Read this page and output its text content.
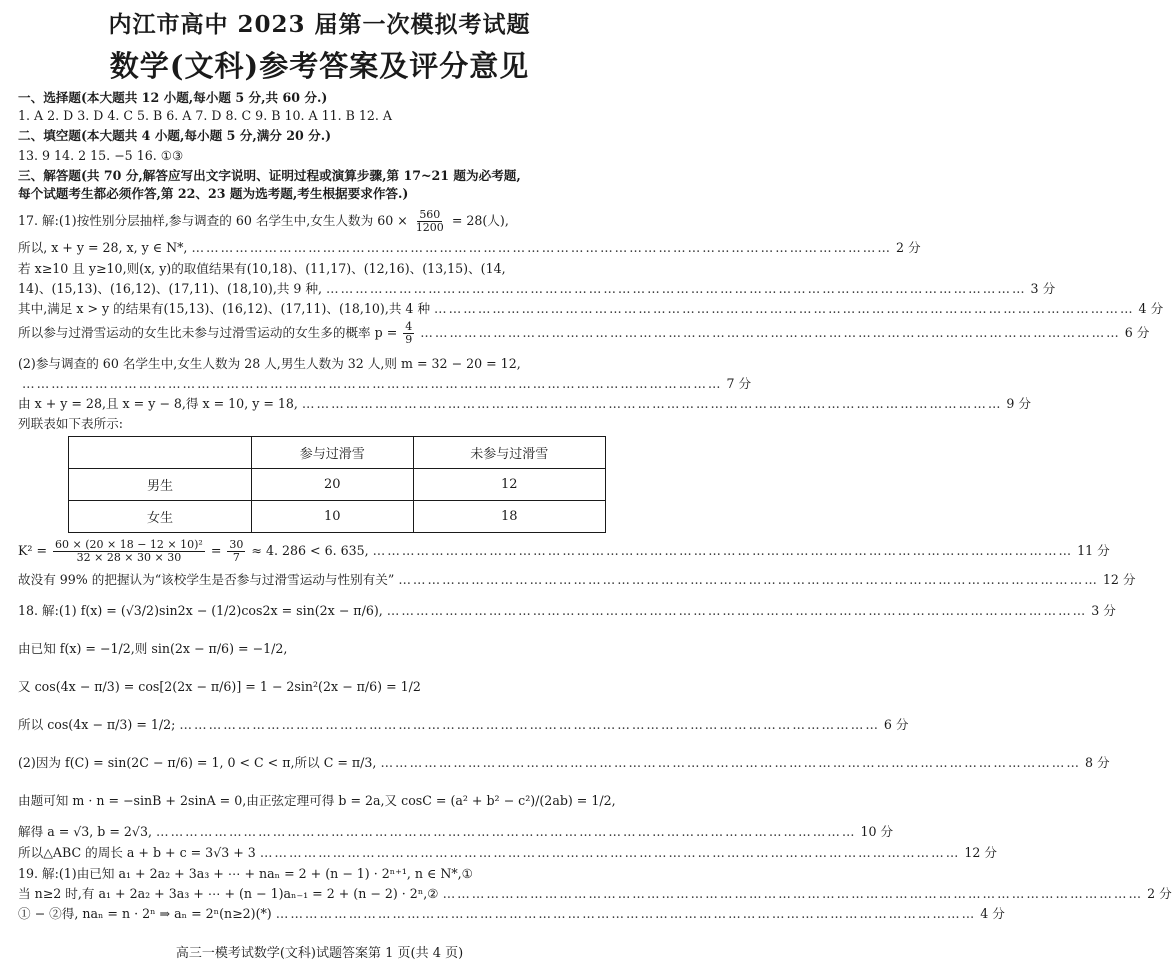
内江市高中 2023 届第一次模拟考试题
数学(文科)参考答案及评分意见
一、选择题(本大题共 12 小题,每小题 5 分,共 60 分.)
1. A 2. D 3. D 4. C 5. B 6. A 7. D 8. C 9. B 10. A 11. B 12. A
二、填空题(本大题共 4 小题,每小题 5 分,满分 20 分.)
13. 9 14. 2 15. −5 16. ①③
三、解答题(共 70 分,解答应写出文字说明、证明过程或演算步骤,第 17~21 题为必考题,
每个试题考生都必须作答,第 22、23 题为选考题,考生根据要求作答.)
17. 解:(1)按性别分层抽样,参与调查的 60 名学生中,女生人数为 $60 \times \frac{560}{1200} = 28$(人),
所以, x + y = 28, x, y ∈ N*, ……………………………………………………………………………………………………………………………… 2 分
若 x≥10 且 y≥10,则(x, y)的取值结果有(10,18)、(11,17)、(12,16)、(13,15)、(14,
14)、(15,13)、(16,12)、(17,11)、(18,10),共 9 种, ……………………………………………………………………………………………………………………………… 3 分
其中,满足 x > y 的结果有(15,13)、(16,12)、(17,11)、(18,10),共 4 种 ……………………………………………………………………………………………………………………………… 4 分
所以参与过滑雪运动的女生比未参与过滑雪运动的女生多的概率 $p = \frac{4}{9}$ ……………………………………………………………………………………………………………………………… 6 分
(2)参与调查的 60 名学生中,女生人数为 28 人,男生人数为 32 人,则 m = 32 − 20 = 12,
……………………………………………………………………………………………………………………………… 7 分
由 x + y = 28,且 x = y − 8,得 x = 10, y = 18, ……………………………………………………………………………………………………………………………… 9 分
列联表如下表所示:
	参与过滑雪	未参与过滑雪
男生	20	12
女生	10	18
$K^2 = \frac{\text{60 × (20 × 18 − 12 × 10)²}}{32 \times 28 \times 30 \times 30} = \frac{30}{7} \approx 4$. 286 < 6. 635, ……………………………………………………………………………………………………………………………… 11 分
故没有 99% 的把握认为“该校学生是否参与过滑雪运动与性别有关” ……………………………………………………………………………………………………………………………… 12 分
18. 解:(1) f(x) = (√3/2)sin2x − (1/2)cos2x = sin(2x − π/6), ……………………………………………………………………………………………………………………………… 3 分
由已知 f(x) = −1/2,则 sin(2x − π/6) = −1/2,
又 cos(4x − π/3) = cos[2(2x − π/6)] = 1 − 2sin²(2x − π/6) = 1/2
所以 cos(4x − π/3) = 1/2; ……………………………………………………………………………………………………………………………… 6 分
(2)因为 f(C) = sin(2C − π/6) = 1, 0 < C < π,所以 C = π/3, ……………………………………………………………………………………………………………………………… 8 分
由题可知 m · n = −sinB + 2sinA = 0,由正弦定理可得 b = 2a,又 cosC = (a² + b² − c²)/(2ab) = 1/2,
解得 a = √3, b = 2√3, ……………………………………………………………………………………………………………………………… 10 分
所以△ABC 的周长 a + b + c = 3√3 + 3 ……………………………………………………………………………………………………………………………… 12 分
19. 解:(1)由已知 a₁ + 2a₂ + 3a₃ + ⋯ + naₙ = 2 + (n − 1) · 2ⁿ⁺¹, n ∈ N*,①
当 n≥2 时,有 a₁ + 2a₂ + 3a₃ + ⋯ + (n − 1)aₙ₋₁ = 2 + (n − 2) · 2ⁿ,② ……………………………………………………………………………………………………………………………… 2 分
① − ②得, naₙ = n · 2ⁿ ⇒ aₙ = 2ⁿ(n≥2)(*) ……………………………………………………………………………………………………………………………… 4 分
高三一模考试数学(文科)试题答案第 1 页(共 4 页)
